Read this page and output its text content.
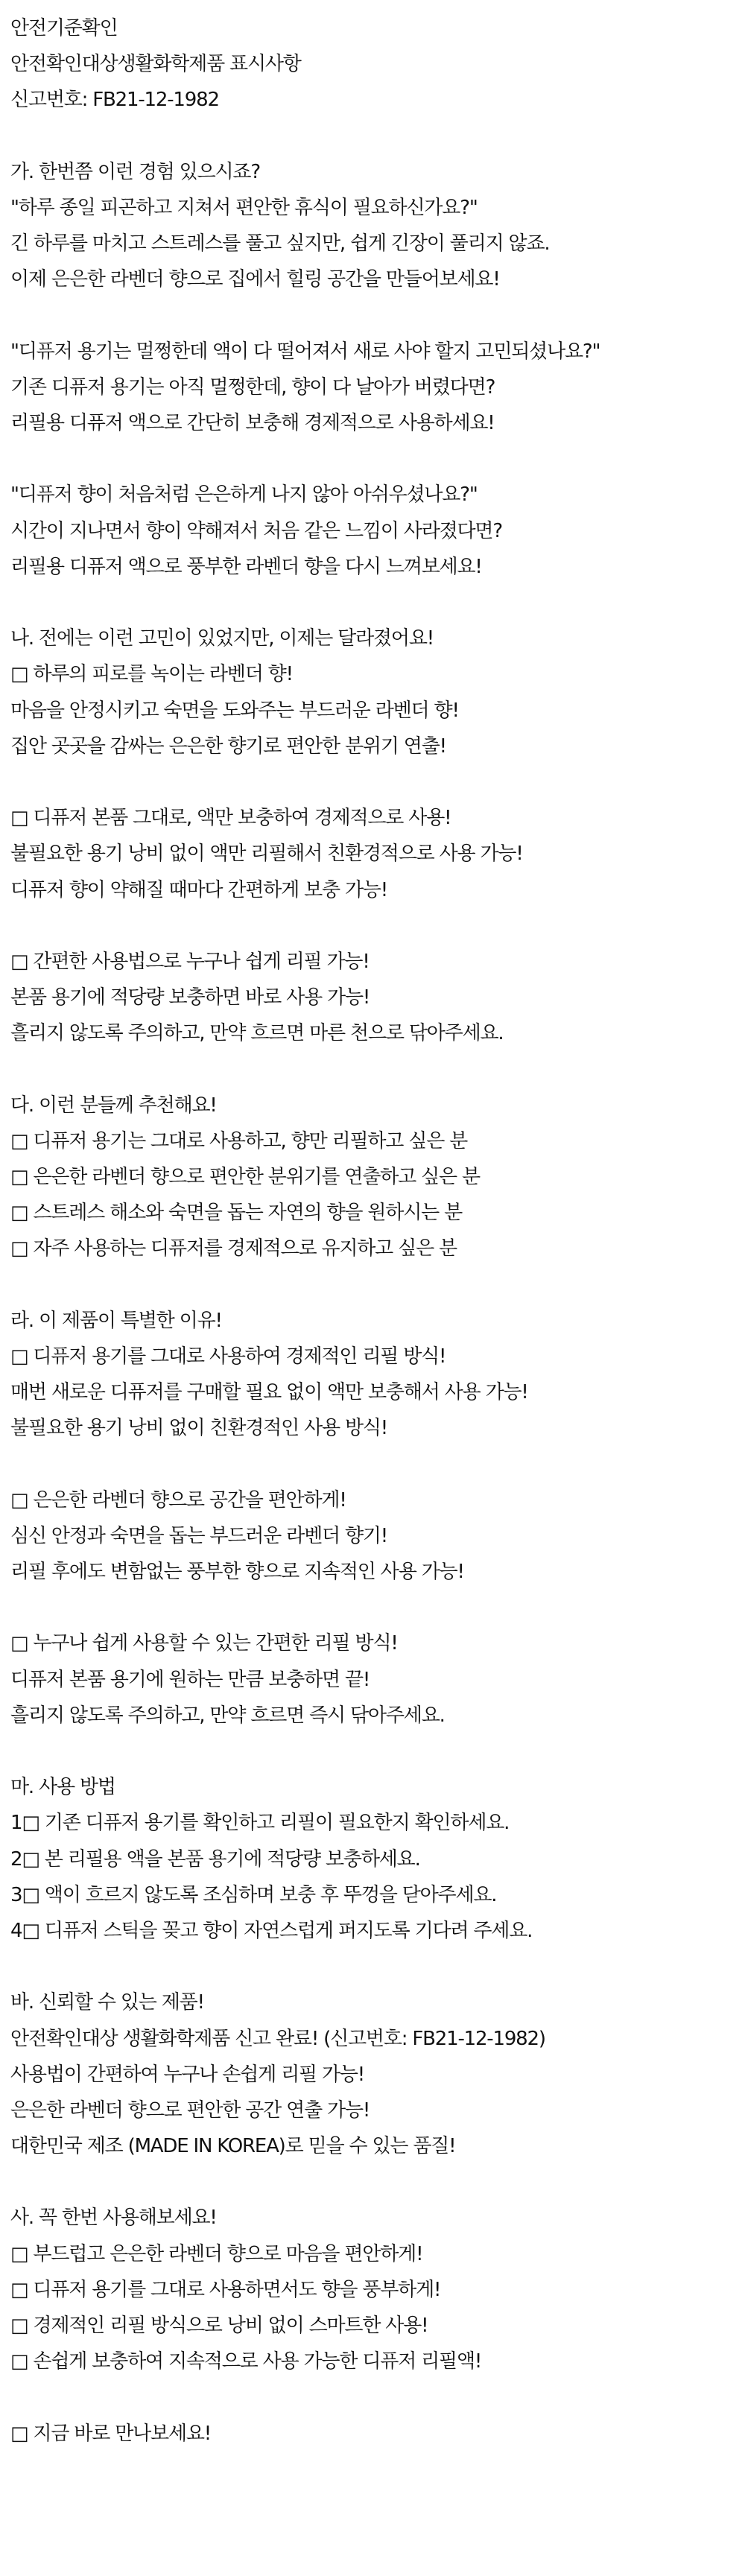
안전기준확인
안전확인대상생활화학제품 표시사항
신고번호: FB21-12-1982
가. 한번쯤 이런 경험 있으시죠?
"하루 종일 피곤하고 지쳐서 편안한 휴식이 필요하신가요?"
긴 하루를 마치고 스트레스를 풀고 싶지만, 쉽게 긴장이 풀리지 않죠.
이제 은은한 라벤더 향으로 집에서 힐링 공간을 만들어보세요!
"디퓨저 용기는 멀쩡한데 액이 다 떨어져서 새로 사야 할지 고민되셨나요?"
기존 디퓨저 용기는 아직 멀쩡한데, 향이 다 날아가 버렸다면?
리필용 디퓨저 액으로 간단히 보충해 경제적으로 사용하세요!
"디퓨저 향이 처음처럼 은은하게 나지 않아 아쉬우셨나요?"
시간이 지나면서 향이 약해져서 처음 같은 느낌이 사라졌다면?
리필용 디퓨저 액으로 풍부한 라벤더 향을 다시 느껴보세요!
나. 전에는 이런 고민이 있었지만, 이제는 달라졌어요!
□ 하루의 피로를 녹이는 라벤더 향!
마음을 안정시키고 숙면을 도와주는 부드러운 라벤더 향!
집안 곳곳을 감싸는 은은한 향기로 편안한 분위기 연출!
□ 디퓨저 본품 그대로, 액만 보충하여 경제적으로 사용!
불필요한 용기 낭비 없이 액만 리필해서 친환경적으로 사용 가능!
디퓨저 향이 약해질 때마다 간편하게 보충 가능!
□ 간편한 사용법으로 누구나 쉽게 리필 가능!
본품 용기에 적당량 보충하면 바로 사용 가능!
흘리지 않도록 주의하고, 만약 흐르면 마른 천으로 닦아주세요.
다. 이런 분들께 추천해요!
□ 디퓨저 용기는 그대로 사용하고, 향만 리필하고 싶은 분
□ 은은한 라벤더 향으로 편안한 분위기를 연출하고 싶은 분
□ 스트레스 해소와 숙면을 돕는 자연의 향을 원하시는 분
□ 자주 사용하는 디퓨저를 경제적으로 유지하고 싶은 분
라. 이 제품이 특별한 이유!
□ 디퓨저 용기를 그대로 사용하여 경제적인 리필 방식!
매번 새로운 디퓨저를 구매할 필요 없이 액만 보충해서 사용 가능!
불필요한 용기 낭비 없이 친환경적인 사용 방식!
□ 은은한 라벤더 향으로 공간을 편안하게!
심신 안정과 숙면을 돕는 부드러운 라벤더 향기!
리필 후에도 변함없는 풍부한 향으로 지속적인 사용 가능!
□ 누구나 쉽게 사용할 수 있는 간편한 리필 방식!
디퓨저 본품 용기에 원하는 만큼 보충하면 끝!
흘리지 않도록 주의하고, 만약 흐르면 즉시 닦아주세요.
마. 사용 방법
1□ 기존 디퓨저 용기를 확인하고 리필이 필요한지 확인하세요.
2□ 본 리필용 액을 본품 용기에 적당량 보충하세요.
3□ 액이 흐르지 않도록 조심하며 보충 후 뚜껑을 닫아주세요.
4□ 디퓨저 스틱을 꽂고 향이 자연스럽게 퍼지도록 기다려 주세요.
바. 신뢰할 수 있는 제품!
안전확인대상 생활화학제품 신고 완료! (신고번호: FB21-12-1982)
사용법이 간편하여 누구나 손쉽게 리필 가능!
은은한 라벤더 향으로 편안한 공간 연출 가능!
대한민국 제조 (MADE IN KOREA)로 믿을 수 있는 품질!
사. 꼭 한번 사용해보세요!
□ 부드럽고 은은한 라벤더 향으로 마음을 편안하게!
□ 디퓨저 용기를 그대로 사용하면서도 향을 풍부하게!
□ 경제적인 리필 방식으로 낭비 없이 스마트한 사용!
□ 손쉽게 보충하여 지속적으로 사용 가능한 디퓨저 리필액!
□ 지금 바로 만나보세요!
